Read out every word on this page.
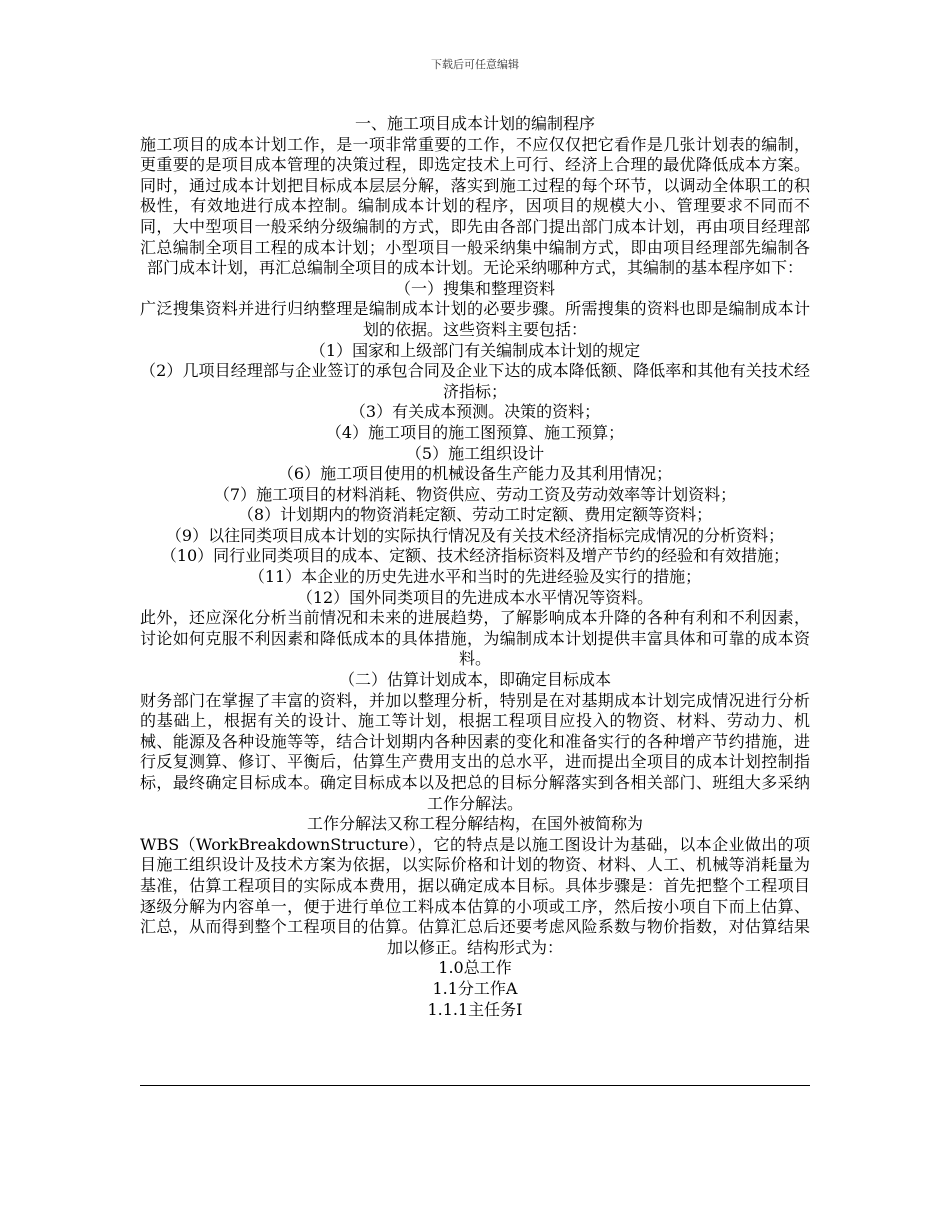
下载后可任意编辑

一、施工项目成本计划的编制程序

施工项目的成本计划工作，是一项非常重要的工作，不应仅仅把它看作是几张计划表的编制，更重要的是项目成本管理的决策过程，即选定技术上可行、经济上合理的最优降低成本方案。同时，通过成本计划把目标成本层层分解，落实到施工过程的每个环节，以调动全体职工的积极性，有效地进行成本控制。编制成本计划的程序，因项目的规模大小、管理要求不同而不同，大中型项目一般采纳分级编制的方式，即先由各部门提出部门成本计划，再由项目经理部汇总编制全项目工程的成本计划；小型项目一般采纳集中编制方式，即由项目经理部先编制各部门成本计划，再汇总编制全项目的成本计划。无论采纳哪种方式，其编制的基本程序如下：

（一）搜集和整理资料

广泛搜集资料并进行归纳整理是编制成本计划的必要步骤。所需搜集的资料也即是编制成本计划的依据。这些资料主要包括：

（1）国家和上级部门有关编制成本计划的规定

（2）几项目经理部与企业签订的承包合同及企业下达的成本降低额、降低率和其他有关技术经济指标；

（3）有关成本预测。决策的资料；

（4）施工项目的施工图预算、施工预算；

（5）施工组织设计

（6）施工项目使用的机械设备生产能力及其利用情况；

（7）施工项目的材料消耗、物资供应、劳动工资及劳动效率等计划资料；

（8）计划期内的物资消耗定额、劳动工时定额、费用定额等资料；

（9）以往同类项目成本计划的实际执行情况及有关技术经济指标完成情况的分析资料；

（10）同行业同类项目的成本、定额、技术经济指标资料及增产节约的经验和有效措施；

（11）本企业的历史先进水平和当时的先进经验及实行的措施；

（12）国外同类项目的先进成本水平情况等资料。

此外，还应深化分析当前情况和未来的进展趋势，了解影响成本升降的各种有利和不利因素，讨论如何克服不利因素和降低成本的具体措施，为编制成本计划提供丰富具体和可靠的成本资料。

（二）估算计划成本，即确定目标成本

财务部门在掌握了丰富的资料，并加以整理分析，特别是在对基期成本计划完成情况进行分析的基础上，根据有关的设计、施工等计划，根据工程项目应投入的物资、材料、劳动力、机械、能源及各种设施等等，结合计划期内各种因素的变化和准备实行的各种增产节约措施，进行反复测算、修订、平衡后，估算生产费用支出的总水平，进而提出全项目的成本计划控制指标，最终确定目标成本。确定目标成本以及把总的目标分解落实到各相关部门、班组大多采纳工作分解法。

工作分解法又称工程分解结构，在国外被简称为

WBS（WorkBreakdownStructure），它的特点是以施工图设计为基础，以本企业做出的项目施工组织设计及技术方案为依据，以实际价格和计划的物资、材料、人工、机械等消耗量为基准，估算工程项目的实际成本费用，据以确定成本目标。具体步骤是：首先把整个工程项目逐级分解为内容单一，便于进行单位工料成本估算的小项或工序，然后按小项自下而上估算、汇总，从而得到整个工程项目的估算。估算汇总后还要考虑风险系数与物价指数，对估算结果加以修正。结构形式为：

1.0总工作

1.1分工作A

1.1.1主任务I
